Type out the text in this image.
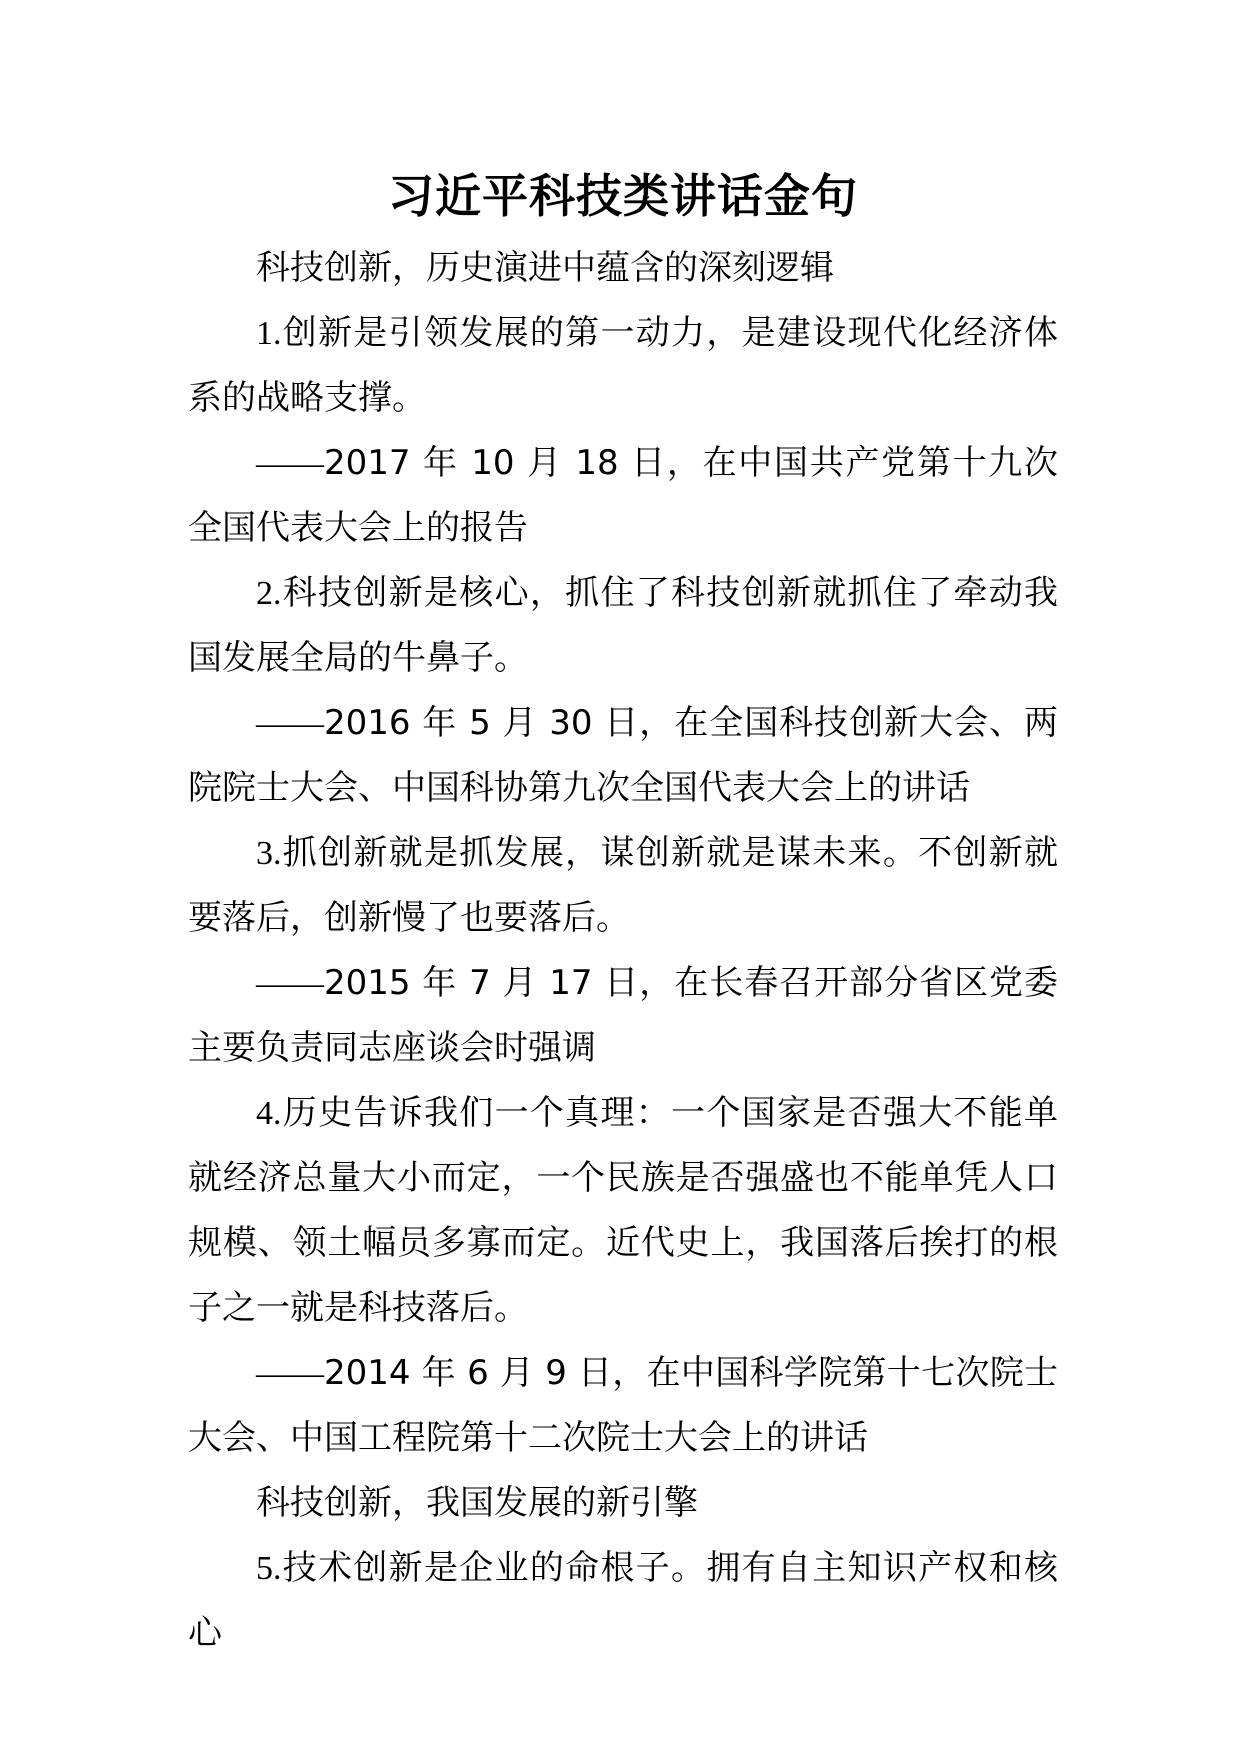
习近平科技类讲话金句

科技创新，历史演进中蕴含的深刻逻辑

1.创新是引领发展的第一动力，是建设现代化经济体系的战略支撑。

——2017 年 10 月 18 日，在中国共产党第十九次全国代表大会上的报告

2.科技创新是核心，抓住了科技创新就抓住了牵动我国发展全局的牛鼻子。

——2016 年 5 月 30 日，在全国科技创新大会、两院院士大会、中国科协第九次全国代表大会上的讲话

3.抓创新就是抓发展，谋创新就是谋未来。不创新就要落后，创新慢了也要落后。

——2015 年 7 月 17 日，在长春召开部分省区党委主要负责同志座谈会时强调

4.历史告诉我们一个真理：一个国家是否强大不能单就经济总量大小而定，一个民族是否强盛也不能单凭人口规模、领土幅员多寡而定。近代史上，我国落后挨打的根子之一就是科技落后。

——2014 年 6 月 9 日，在中国科学院第十七次院士大会、中国工程院第十二次院士大会上的讲话

科技创新，我国发展的新引擎

5.技术创新是企业的命根子。拥有自主知识产权和核心
